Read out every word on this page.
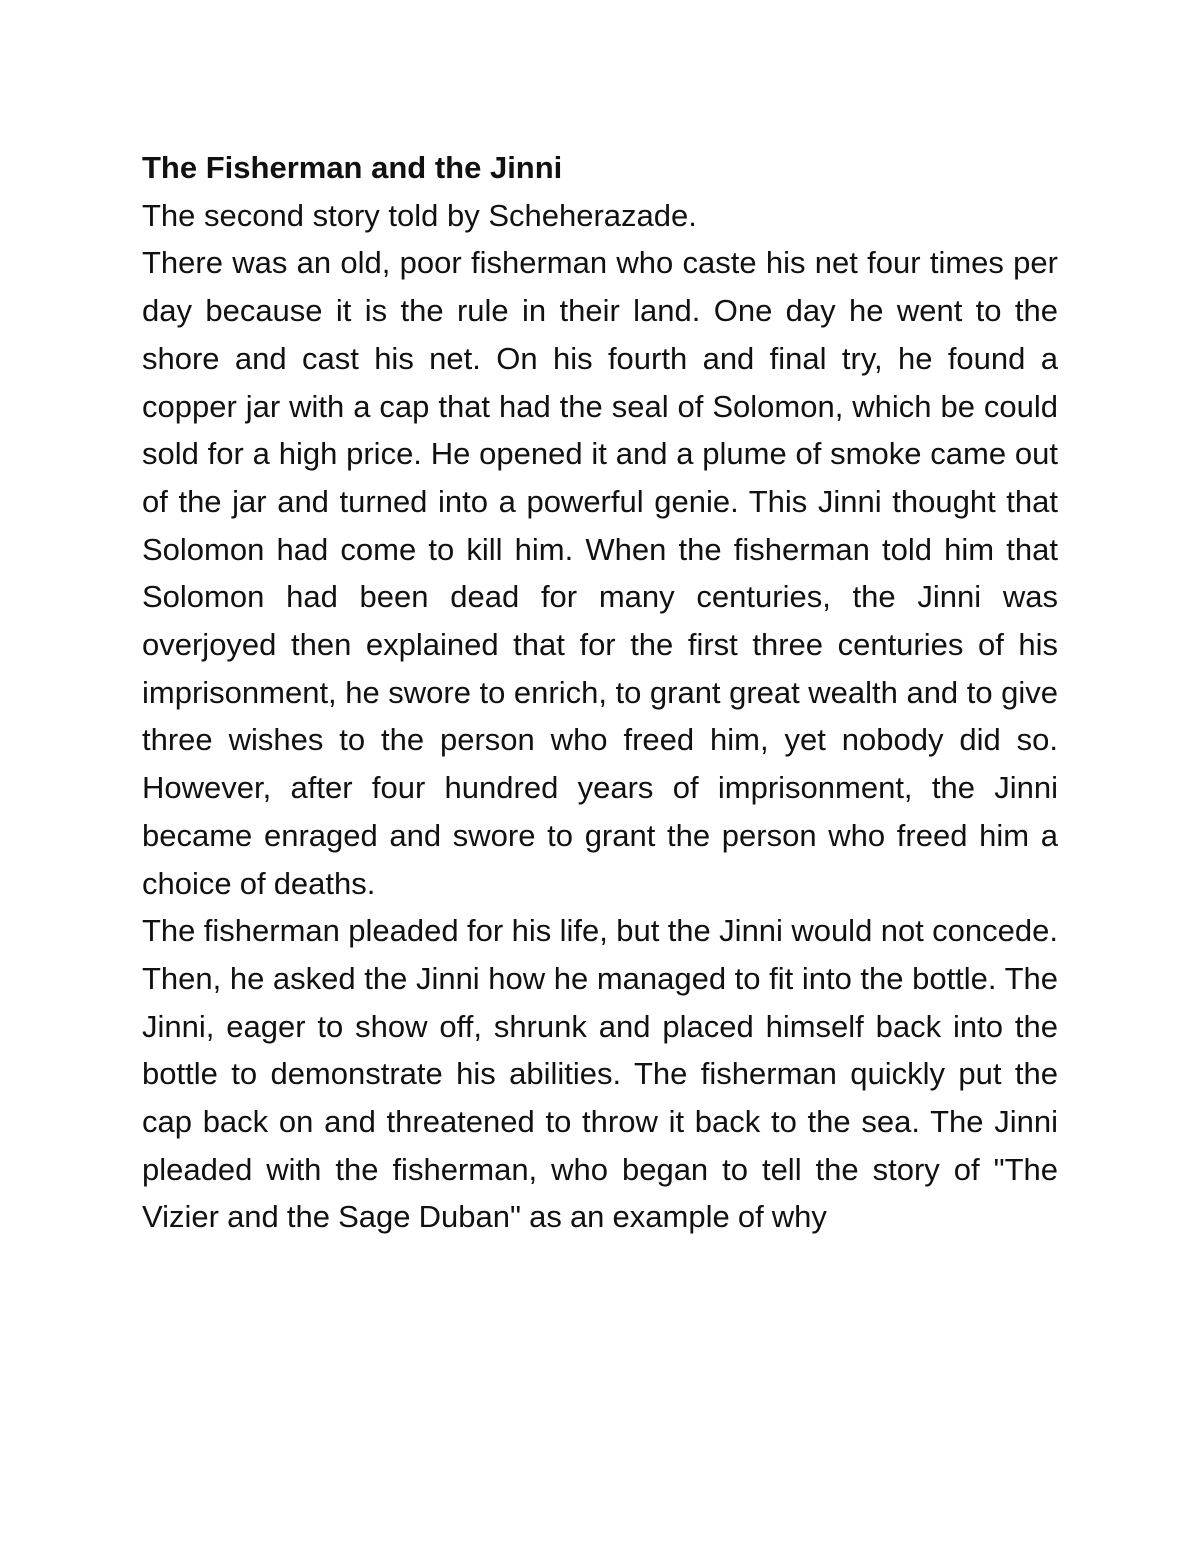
The Fisherman and the Jinni

The second story told by Scheherazade.

There was an old, poor fisherman who caste his net four times per day because it is the rule in their land. One day he went to the shore and cast his net. On his fourth and final try, he found a copper jar with a cap that had the seal of Solomon, which be could sold for a high price. He opened it and a plume of smoke came out of the jar and turned into a powerful genie. This Jinni thought that Solomon had come to kill him. When the fisherman told him that Solomon had been dead for many centuries, the Jinni was overjoyed then explained that for the first three centuries of his imprisonment, he swore to enrich, to grant great wealth and to give three wishes to the person who freed him, yet nobody did so. However, after four hundred years of imprisonment, the Jinni became enraged and swore to grant the person who freed him a choice of deaths.

The fisherman pleaded for his life, but the Jinni would not concede. Then, he asked the Jinni how he managed to fit into the bottle. The Jinni, eager to show off, shrunk and placed himself back into the bottle to demonstrate his abilities. The fisherman quickly put the cap back on and threatened to throw it back to the sea. The Jinni pleaded with the fisherman, who began to tell the story of "The Vizier and the Sage Duban" as an example of why
